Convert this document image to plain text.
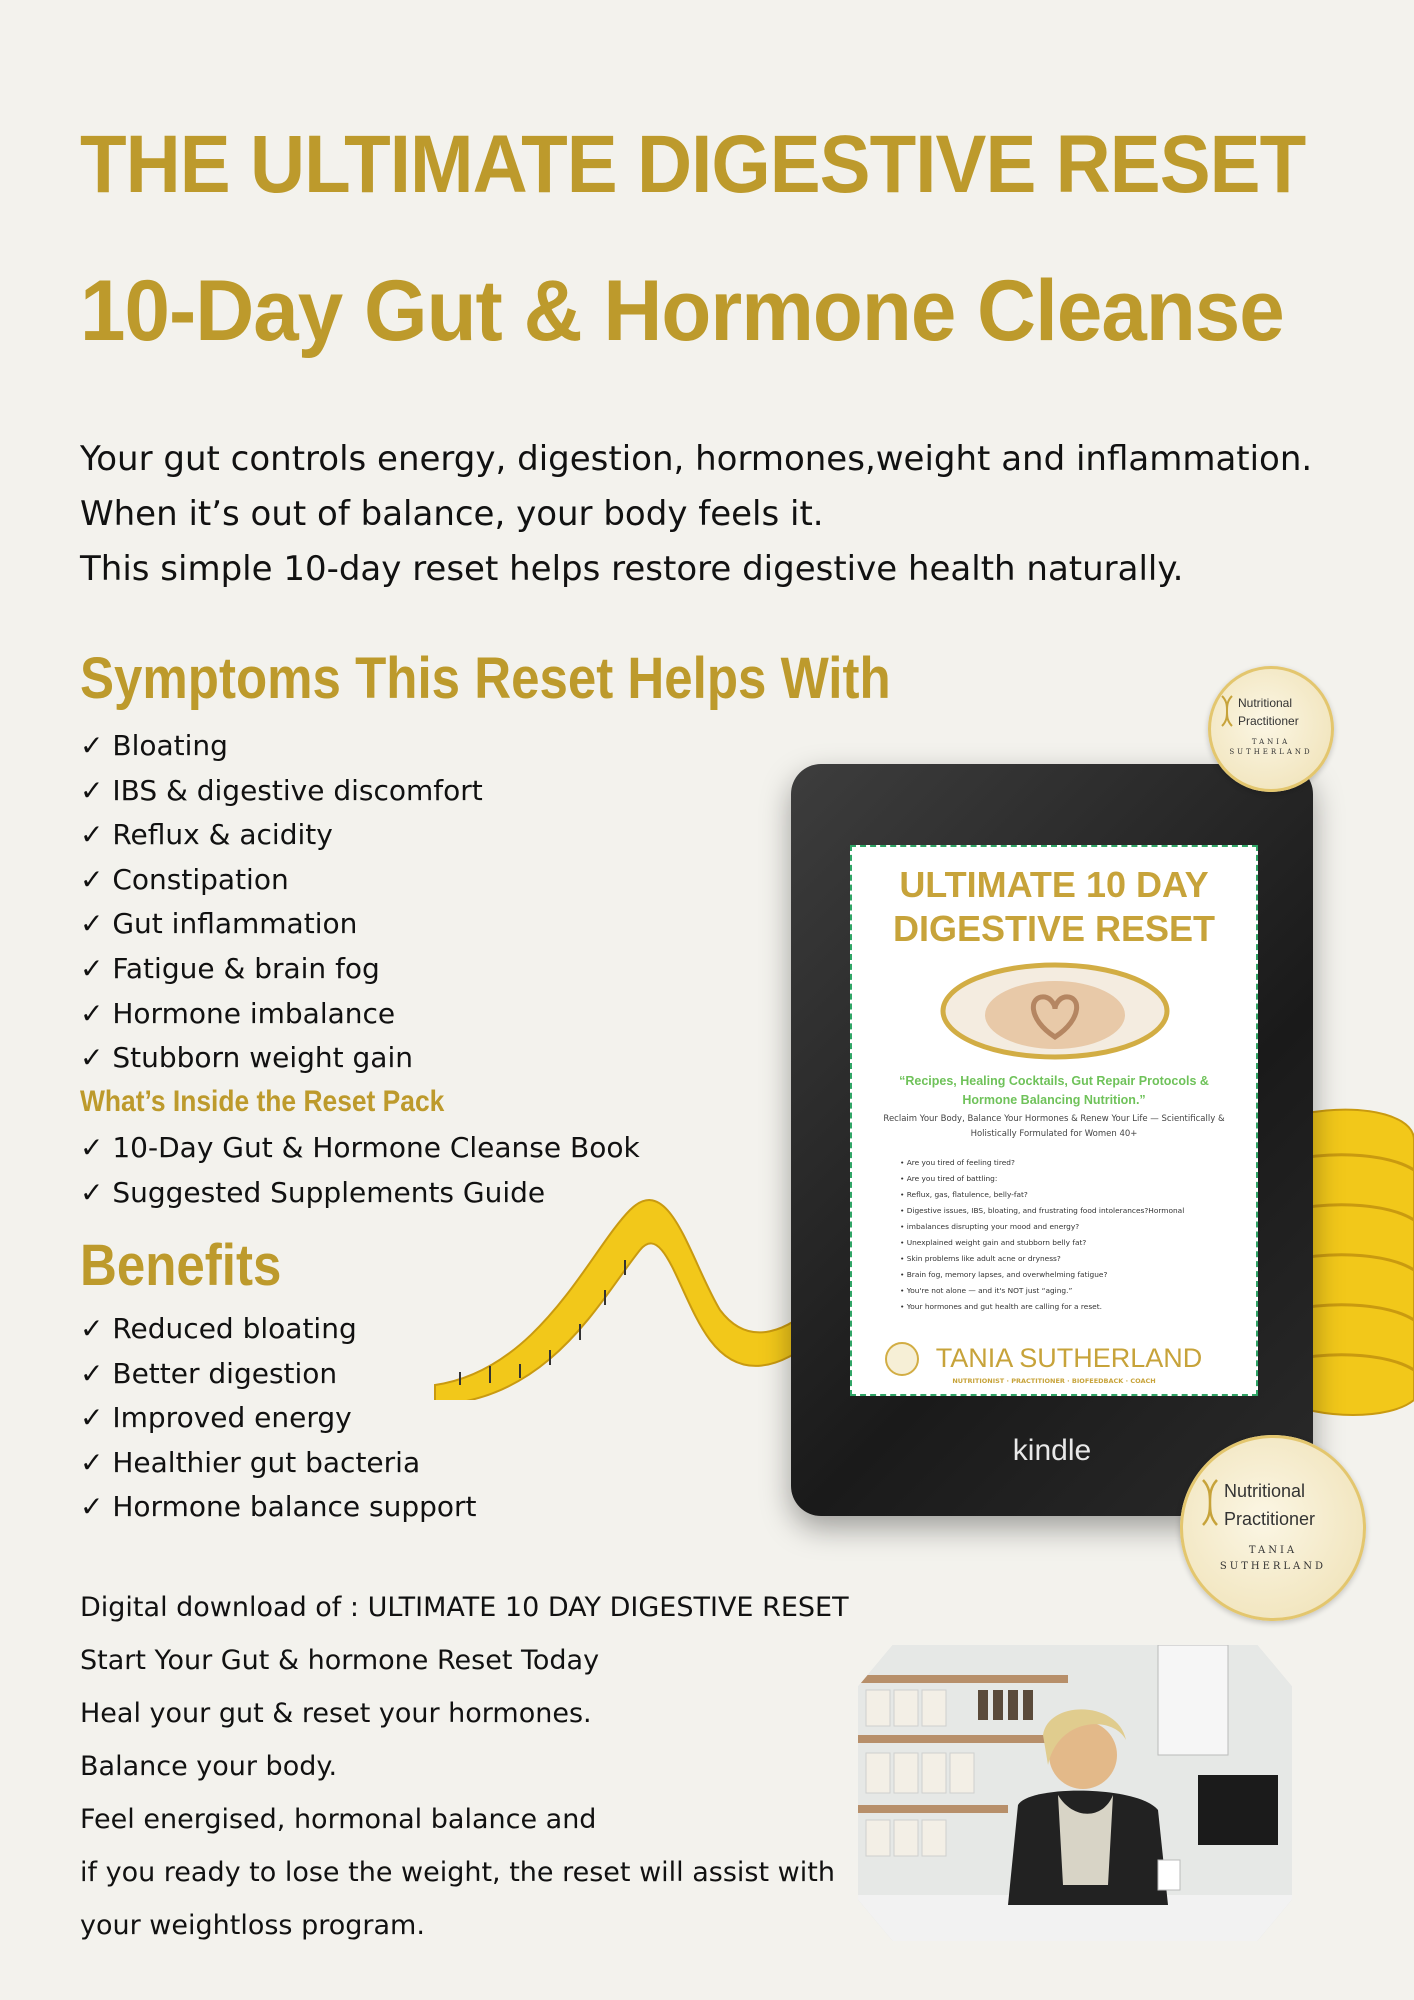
THE ULTIMATE DIGESTIVE RESET
10-Day Gut & Hormone Cleanse
Your gut controls energy, digestion, hormones,weight and inflammation.
When it’s out of balance, your body feels it.
This simple 10-day reset helps restore digestive health naturally.
Symptoms This Reset Helps With
✓ Bloating
✓ IBS & digestive discomfort
✓ Reflux & acidity
✓ Constipation
✓ Gut inflammation
✓ Fatigue & brain fog
✓ Hormone imbalance
✓ Stubborn weight gain
What’s Inside the Reset Pack
✓ 10-Day Gut & Hormone Cleanse Book
✓ Suggested Supplements Guide
Benefits
✓ Reduced bloating
✓ Better digestion
✓ Improved energy
✓ Healthier gut bacteria
✓ Hormone balance support
Digital download of : ULTIMATE 10 DAY DIGESTIVE RESET
Start Your Gut & hormone Reset Today
Heal your gut & reset your hormones.
Balance your body.
Feel energised, hormonal balance and
if you ready to lose the weight, the reset will assist with
your weightloss program.
ULTIMATE 10 DAY
DIGESTIVE RESET
“Recipes, Healing Cocktails, Gut Repair Protocols & Hormone Balancing Nutrition.”
Reclaim Your Body, Balance Your Hormones & Renew Your Life — Scientifically & Holistically Formulated for Women 40+
• Are you tired of feeling tired?
• Are you tired of battling:
• Reflux, gas, flatulence, belly-fat?
• Digestive issues, IBS, bloating, and frustrating food intolerances?Hormonal
• imbalances disrupting your mood and energy?
• Unexplained weight gain and stubborn belly fat?
• Skin problems like adult acne or dryness?
• Brain fog, memory lapses, and overwhelming fatigue?
• You're not alone — and it's NOT just “aging.”
• Your hormones and gut health are calling for a reset.
TANIA SUTHERLAND
NUTRITIONIST · PRACTITIONER · BIOFEEDBACK · COACH
kindle
Nutritional
Practitioner
TANIA
SUTHERLAND
Nutritional
Practitioner
TANIA
SUTHERLAND
